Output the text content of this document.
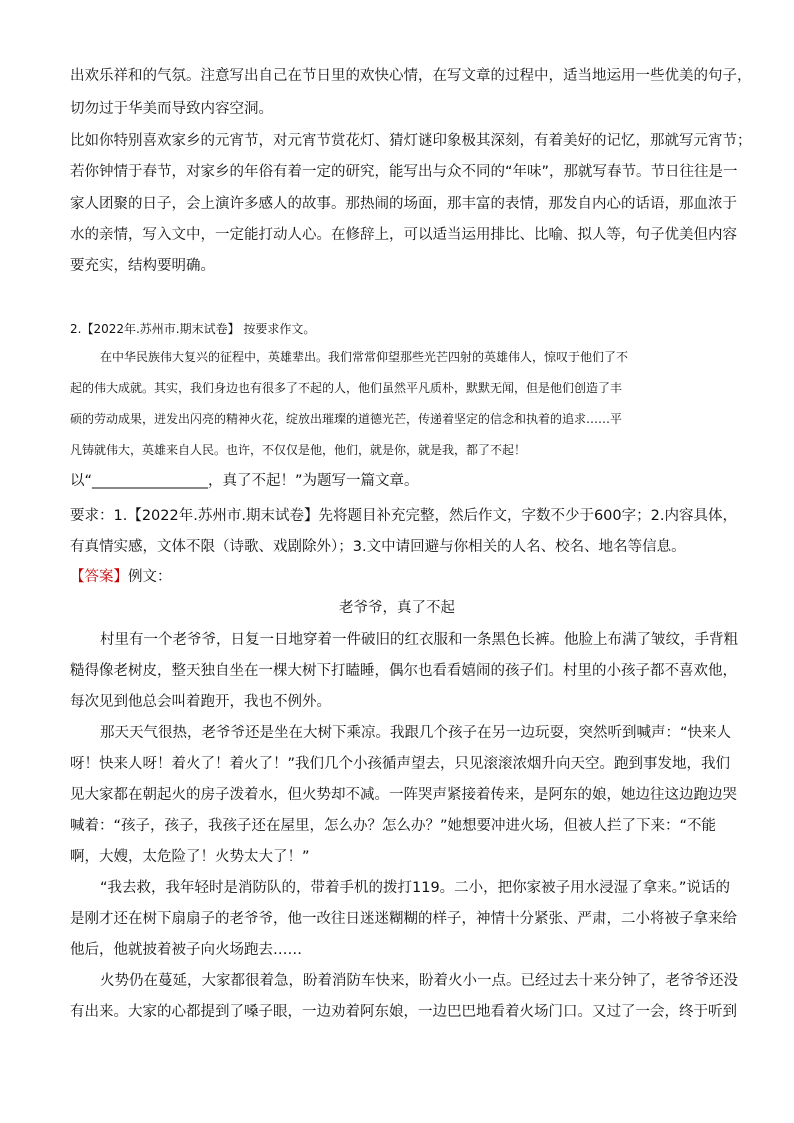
出欢乐祥和的气氛。注意写出自己在节日里的欢快心情，在写文章的过程中，适当地运用一些优美的句子，
切勿过于华美而导致内容空洞。
比如你特别喜欢家乡的元宵节，对元宵节赏花灯、猜灯谜印象极其深刻，有着美好的记忆，那就写元宵节；
若你钟情于春节，对家乡的年俗有着一定的研究，能写出与众不同的“年味”，那就写春节。节日往往是一
家人团聚的日子，会上演许多感人的故事。那热闹的场面，那丰富的表情，那发自内心的话语，那血浓于
水的亲情，写入文中，一定能打动人心。在修辞上，可以适当运用排比、比喻、拟人等，句子优美但内容
要充实，结构要明确。
2.【2022年.苏州市.期末试卷】 按要求作文。
在中华民族伟大复兴的征程中，英雄辈出。我们常常仰望那些光芒四射的英雄伟人，惊叹于他们了不
起的伟大成就。其实，我们身边也有很多了不起的人，他们虽然平凡质朴，默默无闻，但是他们创造了丰
硕的劳动成果，迸发出闪亮的精神火花，绽放出璀璨的道德光芒，传递着坚定的信念和执着的追求……平
凡铸就伟大，英雄来自人民。也许，不仅仅是他，他们，就是你，就是我，都了不起！
以“________________，真了不起！”为题写一篇文章。
要求：1.【2022年.苏州市.期末试卷】先将题目补充完整，然后作文，字数不少于600字；2.内容具体，
有真情实感，文体不限（诗歌、戏剧除外）；3.文中请回避与你相关的人名、校名、地名等信息。
【答案】例文：
老爷爷，真了不起
村里有一个老爷爷，日复一日地穿着一件破旧的红衣服和一条黑色长裤。他脸上布满了皱纹，手背粗
糙得像老树皮，整天独自坐在一棵大树下打瞌睡，偶尔也看看嬉闹的孩子们。村里的小孩子都不喜欢他，
每次见到他总会叫着跑开，我也不例外。
那天天气很热，老爷爷还是坐在大树下乘凉。我跟几个孩子在另一边玩耍，突然听到喊声：“快来人
呀！快来人呀！着火了！着火了！”我们几个小孩循声望去，只见滚滚浓烟升向天空。跑到事发地，我们
见大家都在朝起火的房子泼着水，但火势却不减。一阵哭声紧接着传来，是阿东的娘，她边往这边跑边哭
喊着：“孩子，孩子，我孩子还在屋里，怎么办？怎么办？”她想要冲进火场，但被人拦了下来：“不能
啊，大嫂，太危险了！火势太大了！”
“我去救，我年轻时是消防队的，带着手机的拨打119。二小，把你家被子用水浸湿了拿来。”说话的
是刚才还在树下扇扇子的老爷爷，他一改往日迷迷糊糊的样子，神情十分紧张、严肃，二小将被子拿来给
他后，他就披着被子向火场跑去……
火势仍在蔓延，大家都很着急，盼着消防车快来，盼着火小一点。已经过去十来分钟了，老爷爷还没
有出来。大家的心都提到了嗓子眼，一边劝着阿东娘，一边巴巴地看着火场门口。又过了一会，终于听到
